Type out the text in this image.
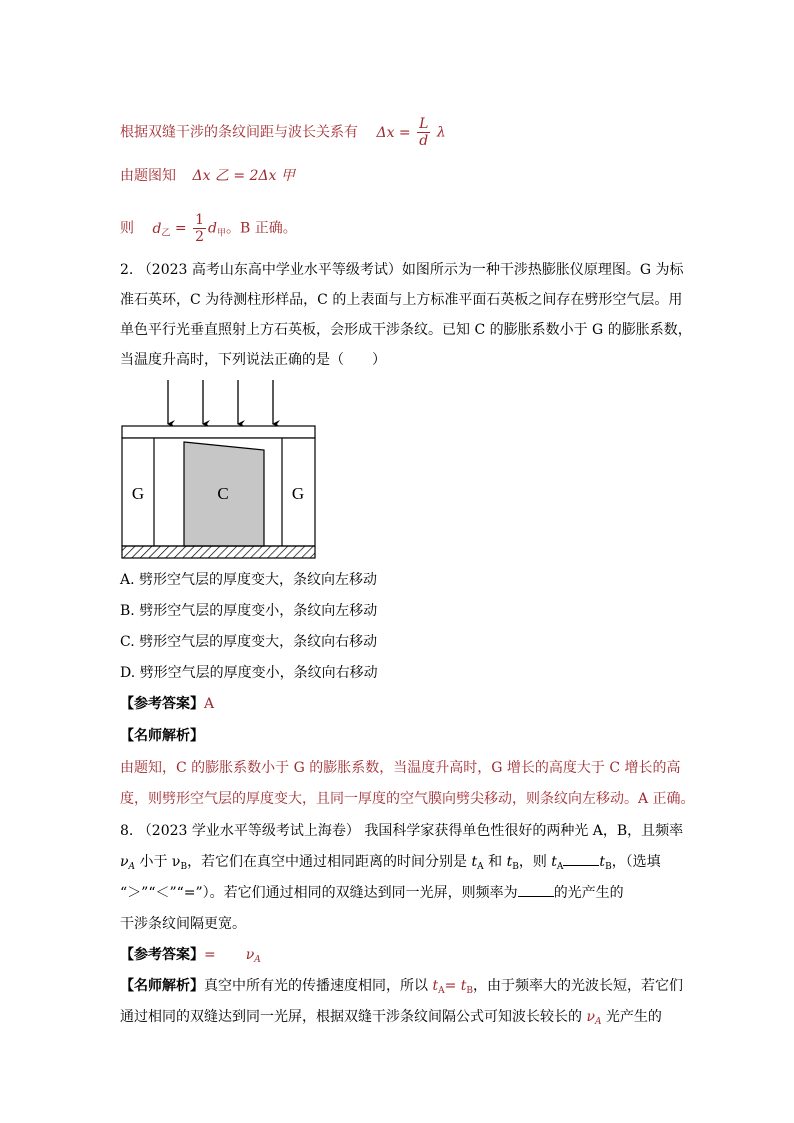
根据双缝干涉的条纹间距与波长关系有 $\Delta x = \frac{L}{d}$ λ
由题图知 Δx 乙 = 2Δx 甲
则 $d_乙 = \frac{1}{2} d_甲$。B 正确。
2. （2023 高考山东高中学业水平等级考试）如图所示为一种干涉热膨胀仪原理图。G 为标
准石英环，C 为待测柱形样品，C 的上表面与上方标准平面石英板之间存在劈形空气层。用
单色平行光垂直照射上方石英板，会形成干涉条纹。已知 C 的膨胀系数小于 G 的膨胀系数，
当温度升高时，下列说法正确的是（　　）
G	C	G
A. 劈形空气层的厚度变大，条纹向左移动
B. 劈形空气层的厚度变小，条纹向左移动
C. 劈形空气层的厚度变大，条纹向右移动
D. 劈形空气层的厚度变小，条纹向右移动
【参考答案】A
【名师解析】
由题知，C 的膨胀系数小于 G 的膨胀系数，当温度升高时，G 增长的高度大于 C 增长的高
度，则劈形空气层的厚度变大，且同一厚度的空气膜向劈尖移动，则条纹向左移动。A 正确。
8. （2023 学业水平等级考试上海卷） 我国科学家获得单色性很好的两种光 A，B，且频率
$\nu_A$ 小于 $\nu_B$，若它们在真空中通过相同距离的时间分别是 $t_A$ 和 $t_B$，则 $t_A$	$t_B$，（选填
“＞”“＜”“=”）。若它们通过相同的双缝达到同一光屏，则频率为	的光产生的
干涉条纹间隔更宽。
【参考答案】= $\nu_A$
【名师解析】真空中所有光的传播速度相同，所以 $t_A= t_B$，由于频率大的光波长短，若它们
通过相同的双缝达到同一光屏，根据双缝干涉条纹间隔公式可知波长较长的 $\nu_A$ 光产生的
